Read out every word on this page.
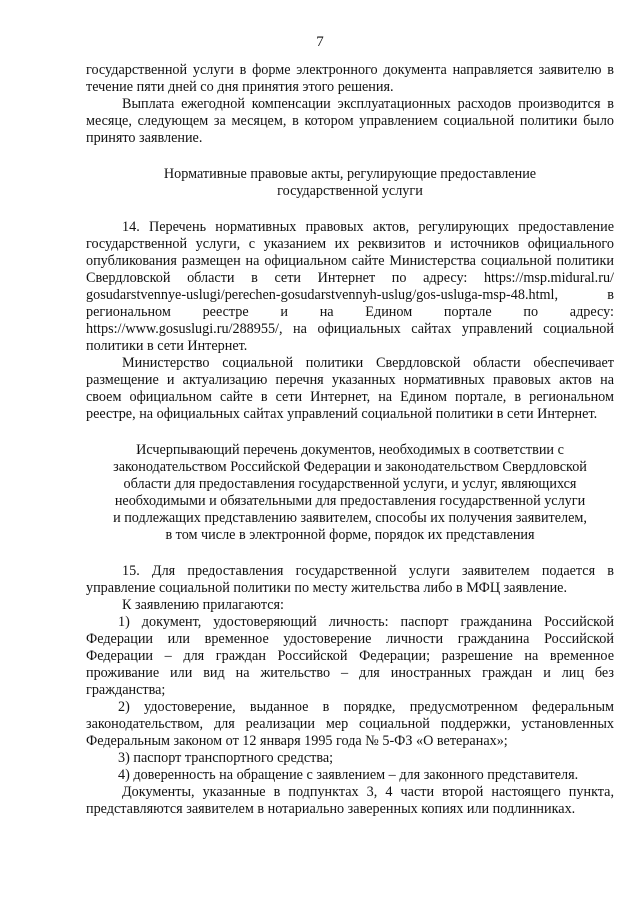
7

государственной услуги в форме электронного документа направляется заявителю в течение пяти дней со дня принятия этого решения.

Выплата ежегодной компенсации эксплуатационных расходов производится в месяце, следующем за месяцем, в котором управлением социальной политики было принято заявление.

Нормативные правовые акты, регулирующие предоставление

государственной услуги

14. Перечень нормативных правовых актов, регулирующих предоставление государственной услуги, с указанием их реквизитов и источников официального опубликования размещен на официальном сайте Министерства социальной политики Свердловской области в сети Интернет по адресу: https://msp.midural.ru/ gosudarstvennye-uslugi/perechen-gosudarstvennyh-uslug/gos-usluga-msp-48.html, в региональном реестре и на Едином портале по адресу: https://www.gosuslugi.ru/288955/, на официальных сайтах управлений социальной политики в сети Интернет.

Министерство социальной политики Свердловской области обеспечивает размещение и актуализацию перечня указанных нормативных правовых актов на своем официальном сайте в сети Интернет, на Едином портале, в региональном реестре, на официальных сайтах управлений социальной политики в сети Интернет.

Исчерпывающий перечень документов, необходимых в соответствии с

законодательством Российской Федерации и законодательством Свердловской

области для предоставления государственной услуги, и услуг, являющихся

необходимыми и обязательными для предоставления государственной услуги

и подлежащих представлению заявителем, способы их получения заявителем,

в том числе в электронной форме, порядок их представления

15. Для предоставления государственной услуги заявителем подается в управление социальной политики по месту жительства либо в МФЦ заявление.

К заявлению прилагаются:

1) документ, удостоверяющий личность: паспорт гражданина Российской Федерации или временное удостоверение личности гражданина Российской Федерации – для граждан Российской Федерации; разрешение на временное проживание или вид на жительство – для иностранных граждан и лиц без гражданства;

2) удостоверение, выданное в порядке, предусмотренном федеральным законодательством, для реализации мер социальной поддержки, установленных Федеральным законом от 12 января 1995 года № 5-ФЗ «О ветеранах»;

3) паспорт транспортного средства;

4) доверенность на обращение с заявлением – для законного представителя.

Документы, указанные в подпунктах 3, 4 части второй настоящего пункта, представляются заявителем в нотариально заверенных копиях или подлинниках.
